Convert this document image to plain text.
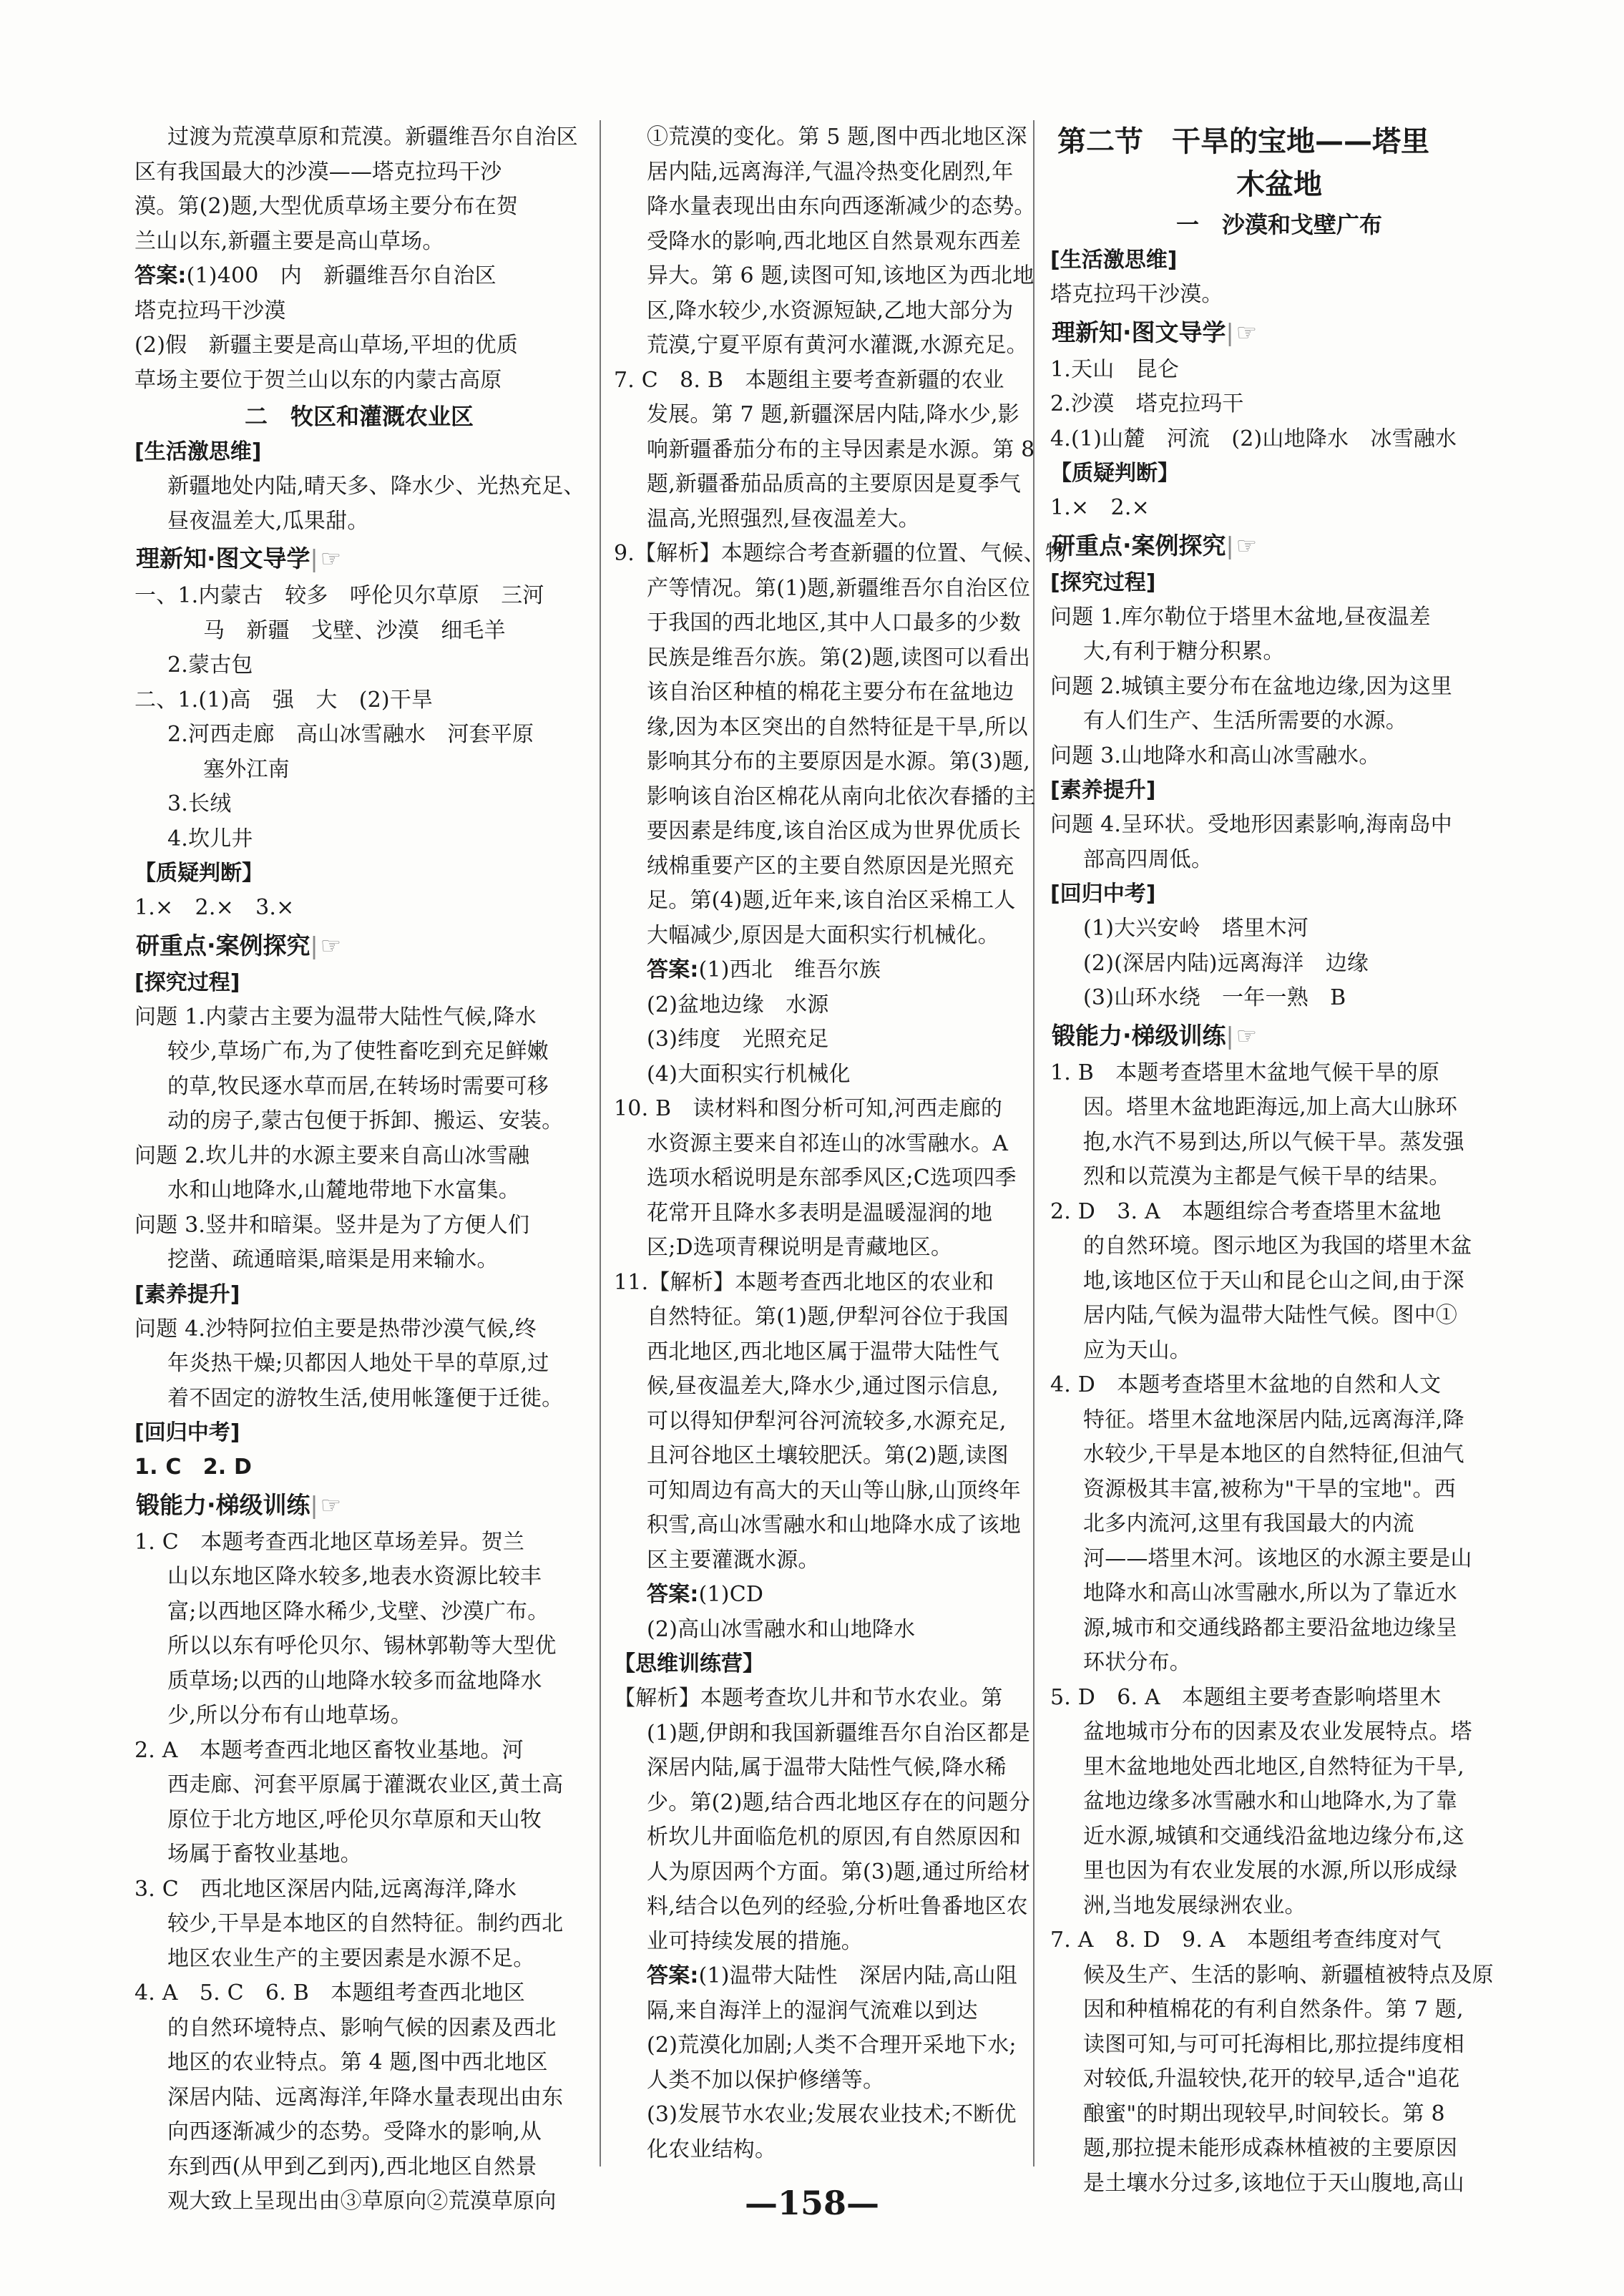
过渡为荒漠草原和荒漠。新疆维吾尔自治区
区有我国最大的沙漠——塔克拉玛干沙
漠。第(2)题,大型优质草场主要分布在贺
兰山以东,新疆主要是高山草场。
答案:(1)400　内　新疆维吾尔自治区
塔克拉玛干沙漠
(2)假　新疆主要是高山草场,平坦的优质
草场主要位于贺兰山以东的内蒙古高原
二　牧区和灌溉农业区
[生活激思维]
新疆地处内陆,晴天多、降水少、光热充足、
昼夜温差大,瓜果甜。
理新知·图文导学|☞
一、1.内蒙古　较多　呼伦贝尔草原　三河
马　新疆　戈壁、沙漠　细毛羊
2.蒙古包
二、1.(1)高　强　大　(2)干旱
2.河西走廊　高山冰雪融水　河套平原
塞外江南
3.长绒
4.坎儿井
【质疑判断】
1.×　2.×　3.×
研重点·案例探究|☞
[探究过程]
问题 1.内蒙古主要为温带大陆性气候,降水
较少,草场广布,为了使牲畜吃到充足鲜嫩
的草,牧民逐水草而居,在转场时需要可移
动的房子,蒙古包便于拆卸、搬运、安装。
问题 2.坎儿井的水源主要来自高山冰雪融
水和山地降水,山麓地带地下水富集。
问题 3.竖井和暗渠。竖井是为了方便人们
挖凿、疏通暗渠,暗渠是用来输水。
[素养提升]
问题 4.沙特阿拉伯主要是热带沙漠气候,终
年炎热干燥;贝都因人地处干旱的草原,过
着不固定的游牧生活,使用帐篷便于迁徙。
[回归中考]
1. C　2. D
锻能力·梯级训练|☞
1. C　本题考查西北地区草场差异。贺兰
山以东地区降水较多,地表水资源比较丰
富;以西地区降水稀少,戈壁、沙漠广布。
所以以东有呼伦贝尔、锡林郭勒等大型优
质草场;以西的山地降水较多而盆地降水
少,所以分布有山地草场。
2. A　本题考查西北地区畜牧业基地。河
西走廊、河套平原属于灌溉农业区,黄土高
原位于北方地区,呼伦贝尔草原和天山牧
场属于畜牧业基地。
3. C　西北地区深居内陆,远离海洋,降水
较少,干旱是本地区的自然特征。制约西北
地区农业生产的主要因素是水源不足。
4. A　5. C　6. B　本题组考查西北地区
的自然环境特点、影响气候的因素及西北
地区的农业特点。第 4 题,图中西北地区
深居内陆、远离海洋,年降水量表现出由东
向西逐渐减少的态势。受降水的影响,从
东到西(从甲到乙到丙),西北地区自然景
观大致上呈现出由③草原向②荒漠草原向
①荒漠的变化。第 5 题,图中西北地区深
居内陆,远离海洋,气温冷热变化剧烈,年
降水量表现出由东向西逐渐减少的态势。
受降水的影响,西北地区自然景观东西差
异大。第 6 题,读图可知,该地区为西北地
区,降水较少,水资源短缺,乙地大部分为
荒漠,宁夏平原有黄河水灌溉,水源充足。
7. C　8. B　本题组主要考查新疆的农业
发展。第 7 题,新疆深居内陆,降水少,影
响新疆番茄分布的主导因素是水源。第 8
题,新疆番茄品质高的主要原因是夏季气
温高,光照强烈,昼夜温差大。
9.【解析】本题综合考查新疆的位置、气候、物
产等情况。第(1)题,新疆维吾尔自治区位
于我国的西北地区,其中人口最多的少数
民族是维吾尔族。第(2)题,读图可以看出
该自治区种植的棉花主要分布在盆地边
缘,因为本区突出的自然特征是干旱,所以
影响其分布的主要原因是水源。第(3)题,
影响该自治区棉花从南向北依次春播的主
要因素是纬度,该自治区成为世界优质长
绒棉重要产区的主要自然原因是光照充
足。第(4)题,近年来,该自治区采棉工人
大幅减少,原因是大面积实行机械化。
答案:(1)西北　维吾尔族
(2)盆地边缘　水源
(3)纬度　光照充足
(4)大面积实行机械化
10. B　读材料和图分析可知,河西走廊的
水资源主要来自祁连山的冰雪融水。A
选项水稻说明是东部季风区;C选项四季
花常开且降水多表明是温暖湿润的地
区;D选项青稞说明是青藏地区。
11.【解析】本题考查西北地区的农业和
自然特征。第(1)题,伊犁河谷位于我国
西北地区,西北地区属于温带大陆性气
候,昼夜温差大,降水少,通过图示信息,
可以得知伊犁河谷河流较多,水源充足,
且河谷地区土壤较肥沃。第(2)题,读图
可知周边有高大的天山等山脉,山顶终年
积雪,高山冰雪融水和山地降水成了该地
区主要灌溉水源。
答案:(1)CD
(2)高山冰雪融水和山地降水
【思维训练营】
【解析】本题考查坎儿井和节水农业。第
(1)题,伊朗和我国新疆维吾尔自治区都是
深居内陆,属于温带大陆性气候,降水稀
少。第(2)题,结合西北地区存在的问题分
析坎儿井面临危机的原因,有自然原因和
人为原因两个方面。第(3)题,通过所给材
料,结合以色列的经验,分析吐鲁番地区农
业可持续发展的措施。
答案:(1)温带大陆性　深居内陆,高山阻
隔,来自海洋上的湿润气流难以到达
(2)荒漠化加剧;人类不合理开采地下水;
人类不加以保护修缮等。
(3)发展节水农业;发展农业技术;不断优
化农业结构。
第二节　干旱的宝地——塔里
木盆地
一　沙漠和戈壁广布
[生活激思维]
塔克拉玛干沙漠。
理新知·图文导学|☞
1.天山　昆仑
2.沙漠　塔克拉玛干
4.(1)山麓　河流　(2)山地降水　冰雪融水
【质疑判断】
1.×　2.×
研重点·案例探究|☞
[探究过程]
问题 1.库尔勒位于塔里木盆地,昼夜温差
大,有利于糖分积累。
问题 2.城镇主要分布在盆地边缘,因为这里
有人们生产、生活所需要的水源。
问题 3.山地降水和高山冰雪融水。
[素养提升]
问题 4.呈环状。受地形因素影响,海南岛中
部高四周低。
[回归中考]
(1)大兴安岭　塔里木河
(2)(深居内陆)远离海洋　边缘
(3)山环水绕　一年一熟　B
锻能力·梯级训练|☞
1. B　本题考查塔里木盆地气候干旱的原
因。塔里木盆地距海远,加上高大山脉环
抱,水汽不易到达,所以气候干旱。蒸发强
烈和以荒漠为主都是气候干旱的结果。
2. D　3. A　本题组综合考查塔里木盆地
的自然环境。图示地区为我国的塔里木盆
地,该地区位于天山和昆仑山之间,由于深
居内陆,气候为温带大陆性气候。图中①
应为天山。
4. D　本题考查塔里木盆地的自然和人文
特征。塔里木盆地深居内陆,远离海洋,降
水较少,干旱是本地区的自然特征,但油气
资源极其丰富,被称为"干旱的宝地"。西
北多内流河,这里有我国最大的内流
河——塔里木河。该地区的水源主要是山
地降水和高山冰雪融水,所以为了靠近水
源,城市和交通线路都主要沿盆地边缘呈
环状分布。
5. D　6. A　本题组主要考查影响塔里木
盆地城市分布的因素及农业发展特点。塔
里木盆地地处西北地区,自然特征为干旱,
盆地边缘多冰雪融水和山地降水,为了靠
近水源,城镇和交通线沿盆地边缘分布,这
里也因为有农业发展的水源,所以形成绿
洲,当地发展绿洲农业。
7. A　8. D　9. A　本题组考查纬度对气
候及生产、生活的影响、新疆植被特点及原
因和种植棉花的有利自然条件。第 7 题,
读图可知,与可可托海相比,那拉提纬度相
对较低,升温较快,花开的较早,适合"追花
酿蜜"的时期出现较早,时间较长。第 8
题,那拉提未能形成森林植被的主要原因
是土壤水分过多,该地位于天山腹地,高山
—158—
